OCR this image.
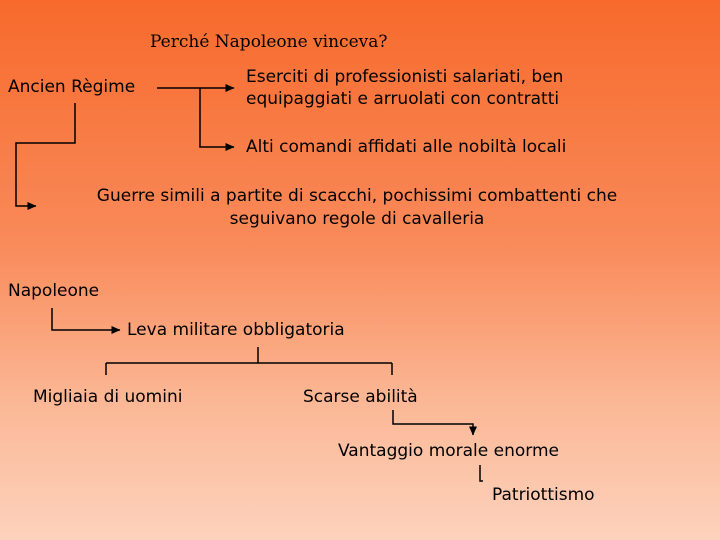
Perché Napoleone vinceva?
Ancien Règime	Eserciti di professionisti salariati, ben
equipaggiati e arruolati con contratti
Alti comandi affidati alle nobiltà locali
Guerre simili a partite di scacchi, pochissimi combattenti che
seguivano regole di cavalleria
Napoleone
Leva militare obbligatoria
Migliaia di uomini	Scarse abilità
Vantaggio morale enorme
Patriottismo
